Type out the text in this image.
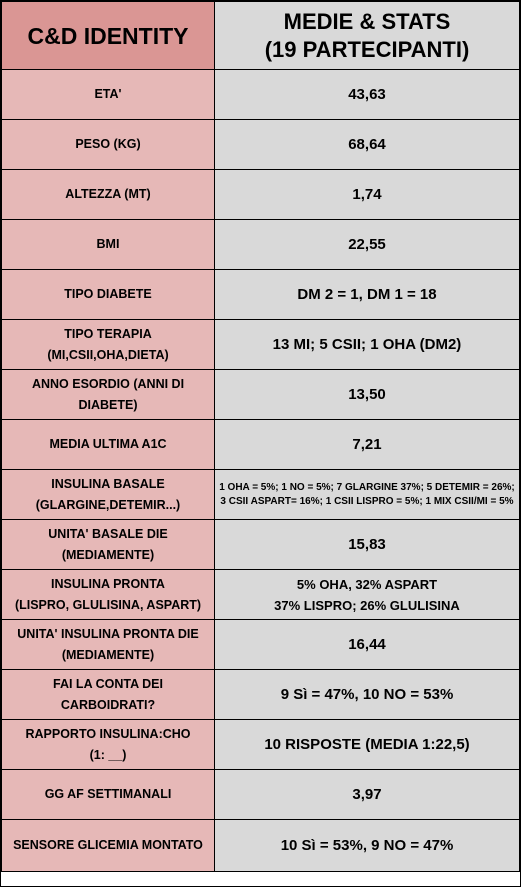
C&D IDENTITY	MEDIE & STATS
(19 PARTECIPANTI)
ETA'	43,63
PESO (KG)	68,64
ALTEZZA (MT)	1,74
BMI	22,55
TIPO DIABETE	DM 2 = 1, DM 1 = 18
TIPO TERAPIA
(MI,CSII,OHA,DIETA)	13 MI; 5 CSII; 1 OHA (DM2)
ANNO ESORDIO (ANNI DI
DIABETE)	13,50
MEDIA ULTIMA A1C	7,21
INSULINA BASALE
(GLARGINE,DETEMIR...)	1 OHA = 5%; 1 NO = 5%; 7 GLARGINE 37%; 5 DETEMIR = 26%;
3 CSII ASPART= 16%; 1 CSII LISPRO = 5%; 1 MIX CSII/MI = 5%
UNITA' BASALE DIE
(MEDIAMENTE)	15,83
INSULINA PRONTA
(LISPRO, GLULISINA, ASPART)	5% OHA, 32% ASPART
37% LISPRO; 26% GLULISINA
UNITA' INSULINA PRONTA DIE
(MEDIAMENTE)	16,44
FAI LA CONTA DEI
CARBOIDRATI?	9 Sì = 47%, 10 NO = 53%
RAPPORTO INSULINA:CHO
(1: __)	10 RISPOSTE (MEDIA 1:22,5)
GG AF SETTIMANALI	3,97
SENSORE GLICEMIA MONTATO	10 Sì = 53%, 9 NO = 47%
